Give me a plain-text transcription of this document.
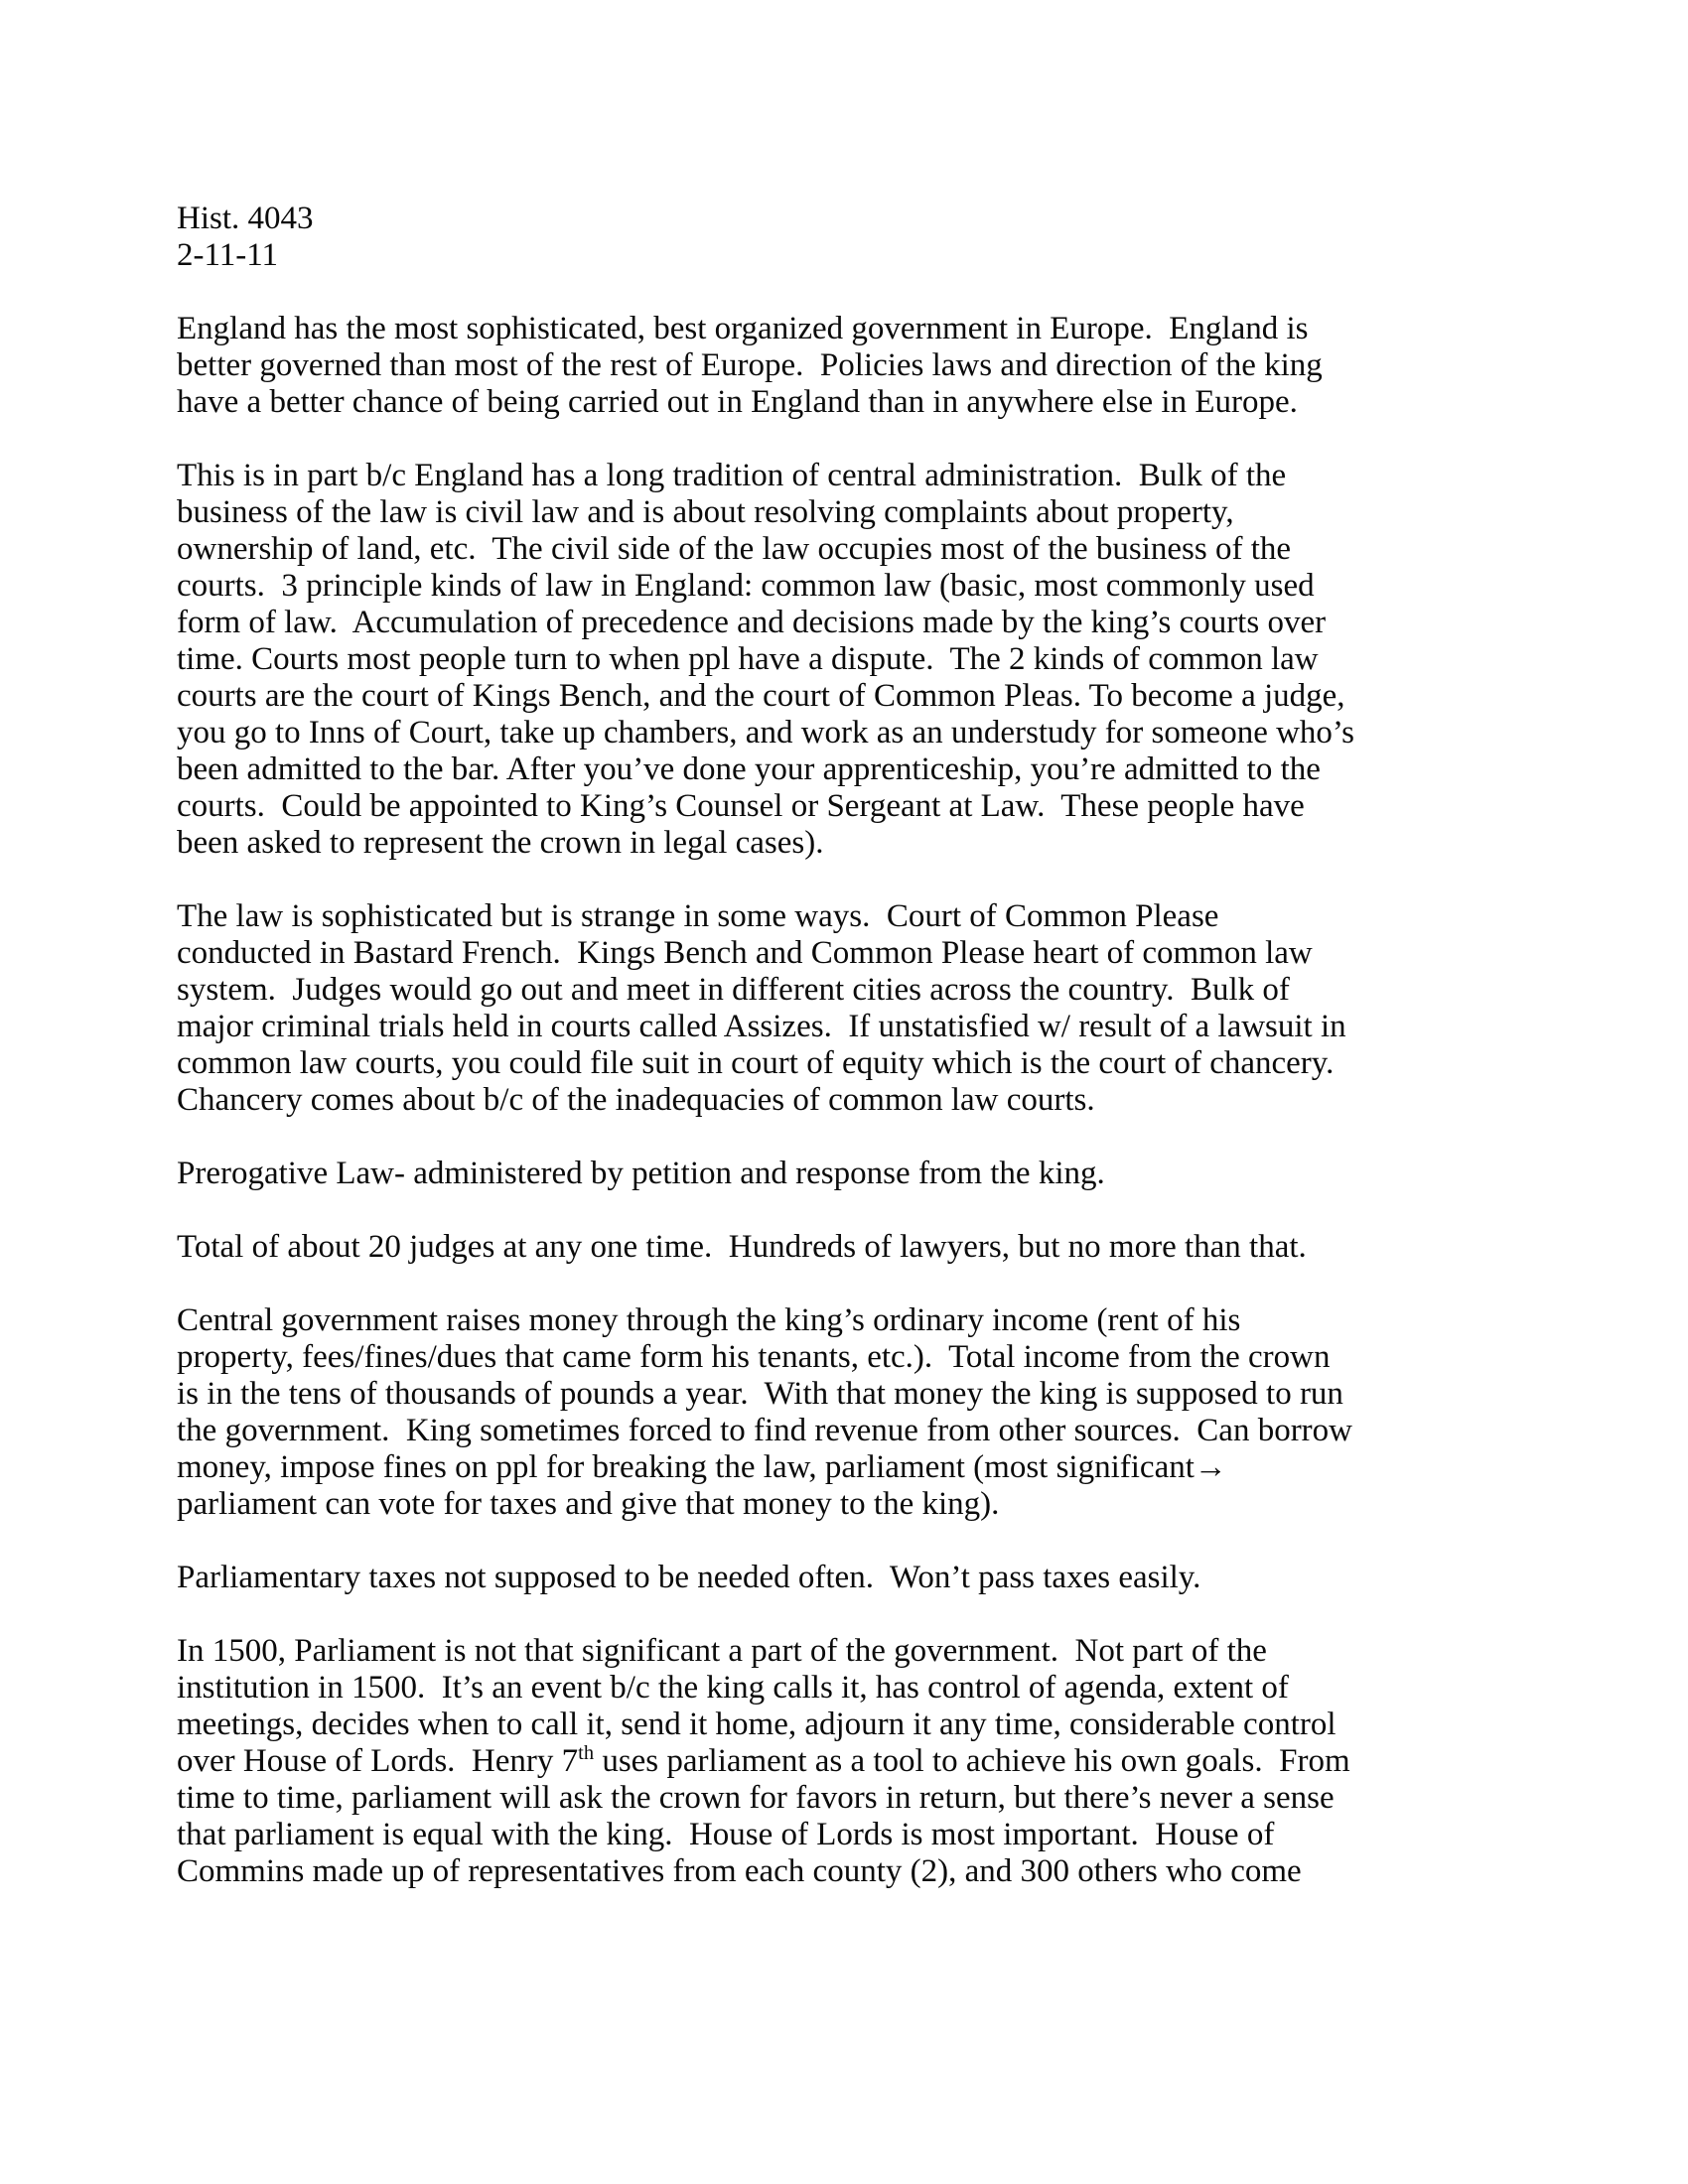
Hist. 4043
2-11-11
England has the most sophisticated, best organized government in Europe.  England is
better governed than most of the rest of Europe.  Policies laws and direction of the king
have a better chance of being carried out in England than in anywhere else in Europe.
This is in part b/c England has a long tradition of central administration.  Bulk of the
business of the law is civil law and is about resolving complaints about property,
ownership of land, etc.  The civil side of the law occupies most of the business of the
courts.  3 principle kinds of law in England: common law (basic, most commonly used
form of law.  Accumulation of precedence and decisions made by the king’s courts over
time. Courts most people turn to when ppl have a dispute.  The 2 kinds of common law
courts are the court of Kings Bench, and the court of Common Pleas. To become a judge,
you go to Inns of Court, take up chambers, and work as an understudy for someone who’s
been admitted to the bar. After you’ve done your apprenticeship, you’re admitted to the
courts.  Could be appointed to King’s Counsel or Sergeant at Law.  These people have
been asked to represent the crown in legal cases).
The law is sophisticated but is strange in some ways.  Court of Common Please
conducted in Bastard French.  Kings Bench and Common Please heart of common law
system.  Judges would go out and meet in different cities across the country.  Bulk of
major criminal trials held in courts called Assizes.  If unstatisfied w/ result of a lawsuit in
common law courts, you could file suit in court of equity which is the court of chancery.
Chancery comes about b/c of the inadequacies of common law courts.
Prerogative Law- administered by petition and response from the king.
Total of about 20 judges at any one time.  Hundreds of lawyers, but no more than that.
Central government raises money through the king’s ordinary income (rent of his
property, fees/fines/dues that came form his tenants, etc.).  Total income from the crown
is in the tens of thousands of pounds a year.  With that money the king is supposed to run
the government.  King sometimes forced to find revenue from other sources.  Can borrow
money, impose fines on ppl for breaking the law, parliament (most significant→
parliament can vote for taxes and give that money to the king).
Parliamentary taxes not supposed to be needed often.  Won’t pass taxes easily.
In 1500, Parliament is not that significant a part of the government.  Not part of the
institution in 1500.  It’s an event b/c the king calls it, has control of agenda, extent of
meetings, decides when to call it, send it home, adjourn it any time, considerable control
over House of Lords.  Henry 7th uses parliament as a tool to achieve his own goals.  From
time to time, parliament will ask the crown for favors in return, but there’s never a sense
that parliament is equal with the king.  House of Lords is most important.  House of
Commins made up of representatives from each county (2), and 300 others who come
